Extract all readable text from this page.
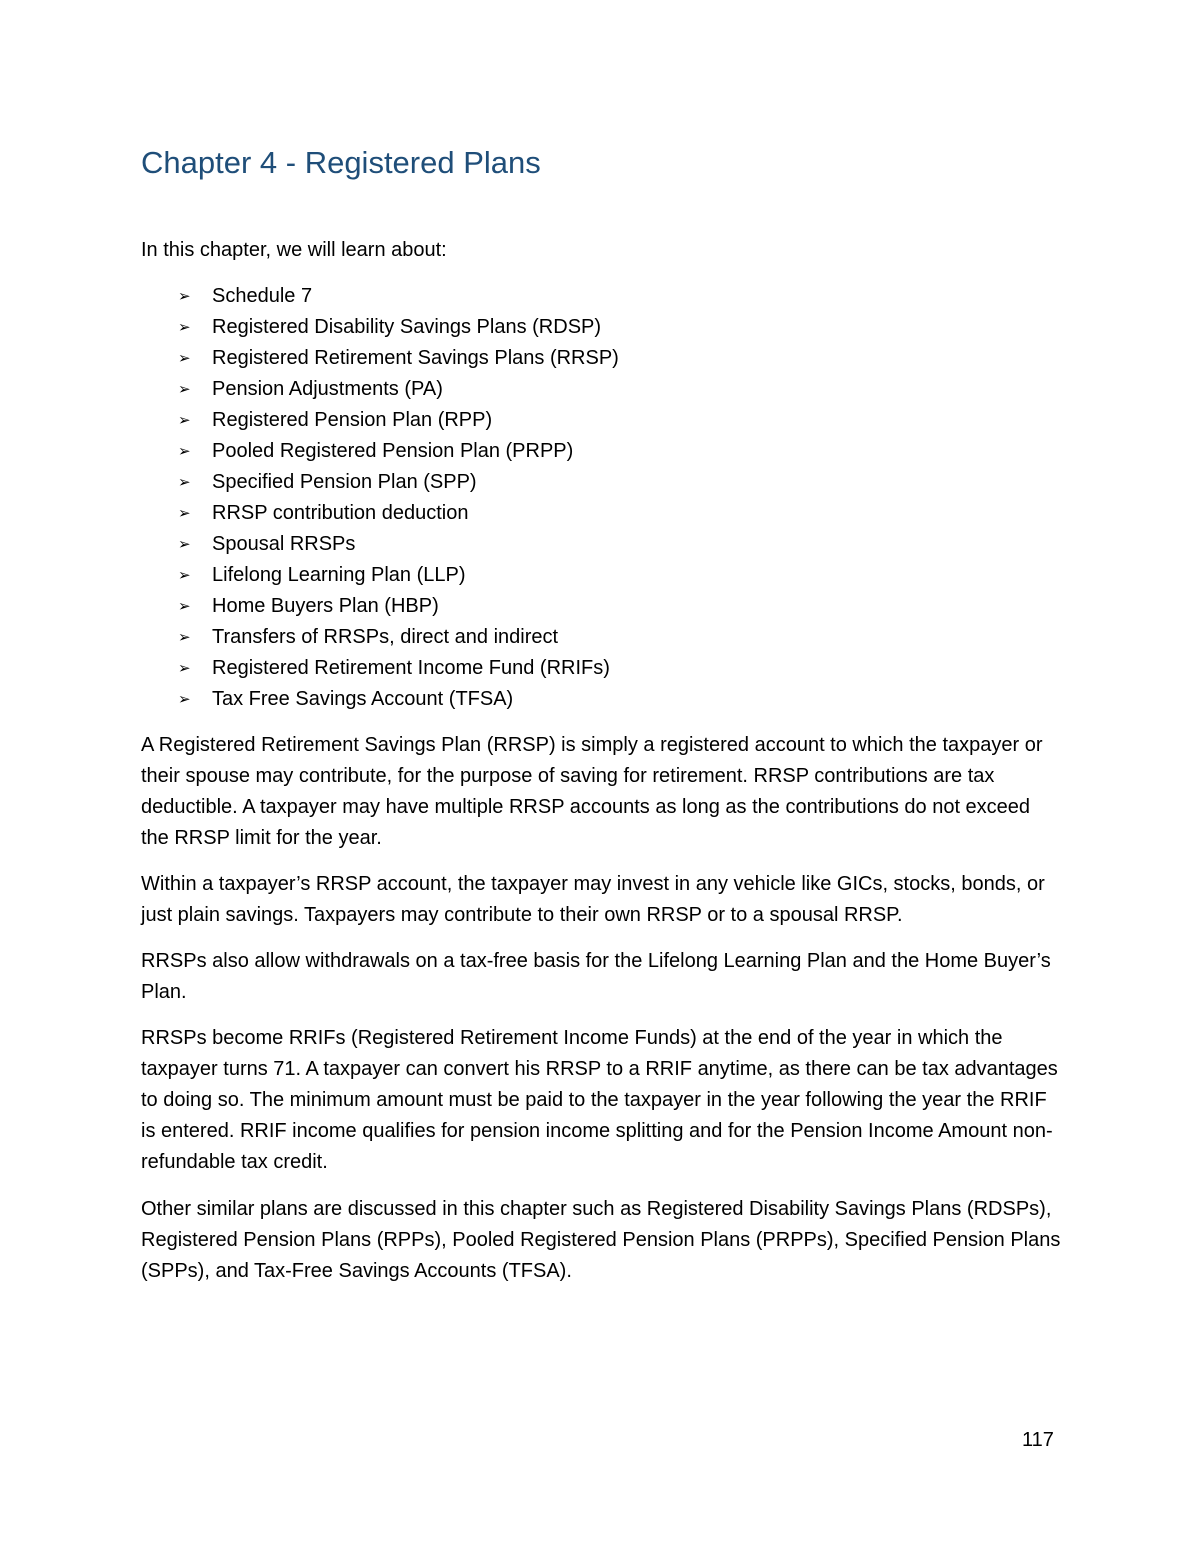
Chapter 4 - Registered Plans

In this chapter, we will learn about:

➢	Schedule 7
➢	Registered Disability Savings Plans (RDSP)
➢	Registered Retirement Savings Plans (RRSP)
➢	Pension Adjustments (PA)
➢	Registered Pension Plan (RPP)
➢	Pooled Registered Pension Plan (PRPP)
➢	Specified Pension Plan (SPP)
➢	RRSP contribution deduction
➢	Spousal RRSPs
➢	Lifelong Learning Plan (LLP)
➢	Home Buyers Plan (HBP)
➢	Transfers of RRSPs, direct and indirect
➢	Registered Retirement Income Fund (RRIFs)
➢	Tax Free Savings Account (TFSA)

A Registered Retirement Savings Plan (RRSP) is simply a registered account to which the taxpayer or their spouse may contribute, for the purpose of saving for retirement. RRSP contributions are tax deductible. A taxpayer may have multiple RRSP accounts as long as the contributions do not exceed the RRSP limit for the year.

Within a taxpayer’s RRSP account, the taxpayer may invest in any vehicle like GICs, stocks, bonds, or just plain savings. Taxpayers may contribute to their own RRSP or to a spousal RRSP.

RRSPs also allow withdrawals on a tax-free basis for the Lifelong Learning Plan and the Home Buyer’s Plan.

RRSPs become RRIFs (Registered Retirement Income Funds) at the end of the year in which the taxpayer turns 71. A taxpayer can convert his RRSP to a RRIF anytime, as there can be tax advantages to doing so. The minimum amount must be paid to the taxpayer in the year following the year the RRIF is entered. RRIF income qualifies for pension income splitting and for the Pension Income Amount non-refundable tax credit.

Other similar plans are discussed in this chapter such as Registered Disability Savings Plans (RDSPs), Registered Pension Plans (RPPs), Pooled Registered Pension Plans (PRPPs), Specified Pension Plans (SPPs), and Tax-Free Savings Accounts (TFSA).

117
